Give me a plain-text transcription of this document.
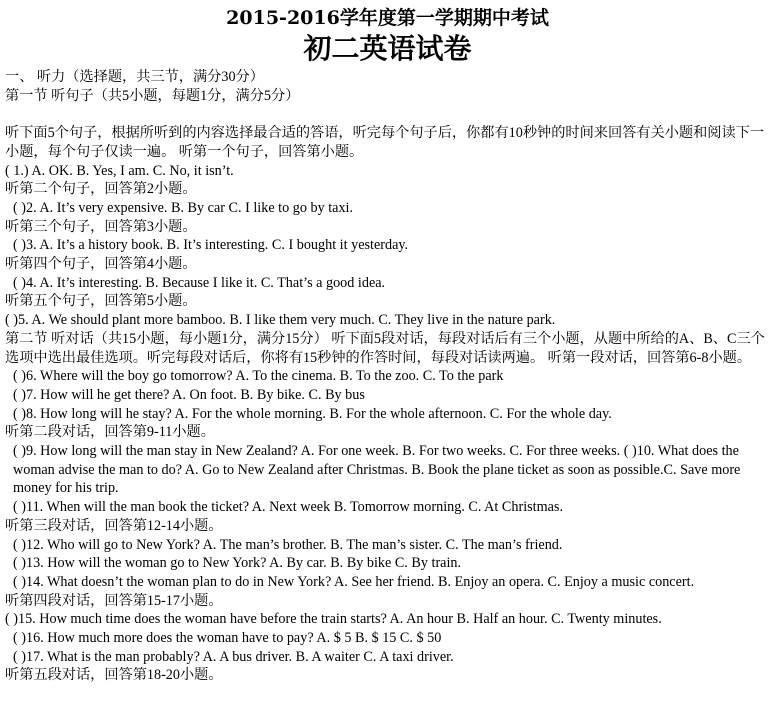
2015-2016学年度第一学期期中考试
初二英语试卷
一、 听力（选择题，共三节，满分30分）
第一节 听句子（共5小题，每题1分，满分5分）
听下面5个句子，根据所听到的内容选择最合适的答语，听完每个句子后，你都有10秒钟的时间来回答有关小题和阅读下一小题，每个句子仅读一遍。 听第一个句子，回答第小题。
( 1.) A. OK. B. Yes, I am. C. No, it isn’t.
听第二个句子，回答第2小题。
( )2. A. It’s very expensive. B. By car C. I like to go by taxi.
听第三个句子，回答第3小题。
( )3. A. It’s a history book. B. It’s interesting. C. I bought it yesterday.
听第四个句子，回答第4小题。
( )4. A. It’s interesting. B. Because I like it. C. That’s a good idea.
听第五个句子，回答第5小题。
( )5. A. We should plant more bamboo. B. I like them very much. C. They live in the nature park.
第二节 听对话（共15小题，每小题1分，满分15分） 听下面5段对话，每段对话后有三个小题，从题中所给的A、B、C三个选项中选出最佳选项。听完每段对话后，你将有15秒钟的作答时间，每段对话读两遍。 听第一段对话，回答第6-8小题。
( )6. Where will the boy go tomorrow? A. To the cinema. B. To the zoo. C. To the park
( )7. How will he get there? A. On foot. B. By bike. C. By bus
( )8. How long will he stay? A. For the whole morning. B. For the whole afternoon. C. For the whole day.
听第二段对话，回答第9-11小题。
( )9. How long will the man stay in New Zealand? A. For one week. B. For two weeks. C. For three weeks. ( )10. What does the woman advise the man to do? A. Go to New Zealand after Christmas. B. Book the plane ticket as soon as possible.C. Save more money for his trip.
( )11. When will the man book the ticket? A. Next week B. Tomorrow morning. C. At Christmas.
听第三段对话，回答第12-14小题。
( )12. Who will go to New York? A. The man’s brother. B. The man’s sister. C. The man’s friend.
( )13. How will the woman go to New York? A. By car. B. By bike C. By train.
( )14. What doesn’t the woman plan to do in New York? A. See her friend. B. Enjoy an opera. C. Enjoy a music concert.
听第四段对话，回答第15-17小题。
( )15. How much time does the woman have before the train starts? A. An hour B. Half an hour. C. Twenty minutes.
( )16. How much more does the woman have to pay? A. $ 5 B. $ 15 C. $ 50
( )17. What is the man probably? A. A bus driver. B. A waiter C. A taxi driver.
听第五段对话，回答第18-20小题。
